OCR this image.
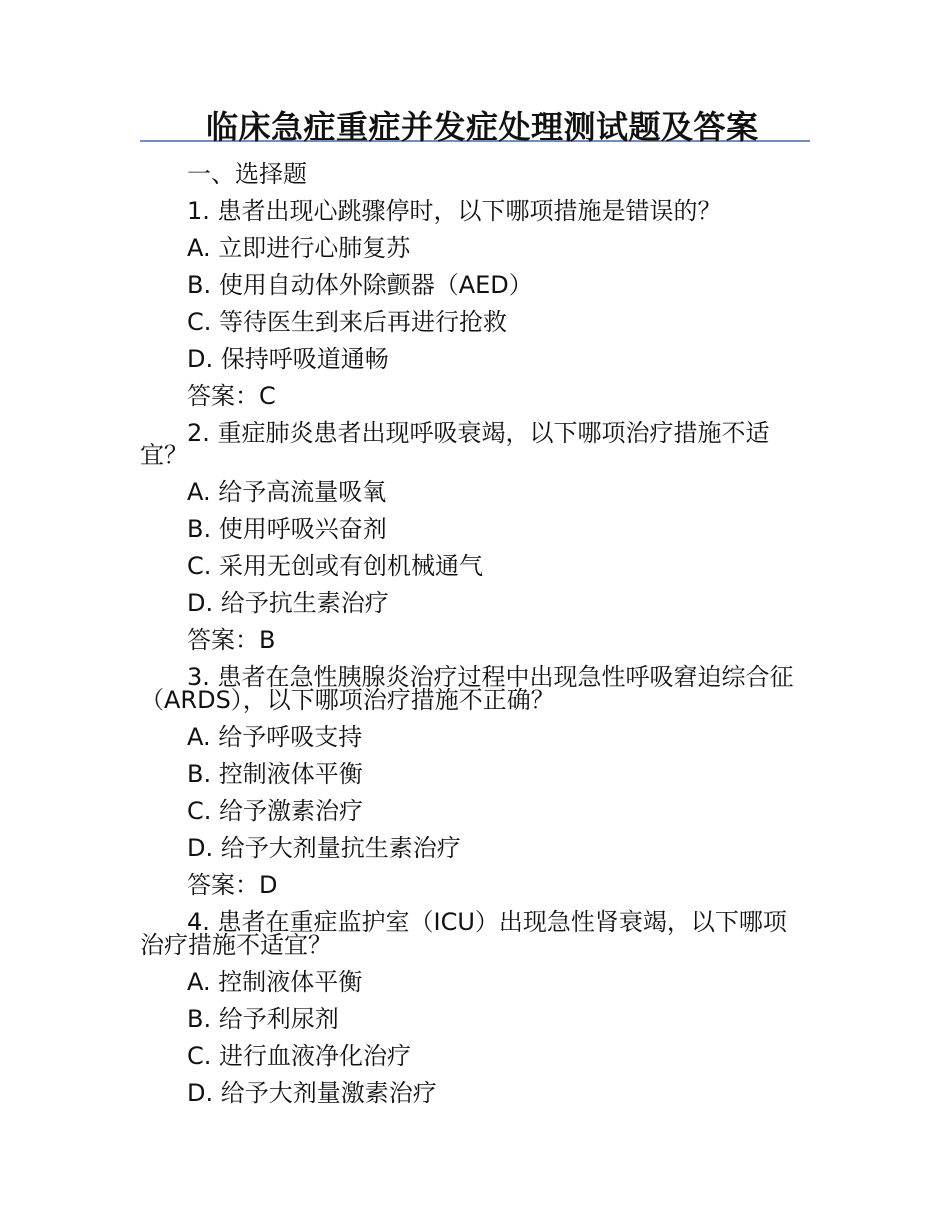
临床急症重症并发症处理测试题及答案
一、选择题
1. 患者出现心跳骤停时，以下哪项措施是错误的？
A. 立即进行心肺复苏
B. 使用自动体外除颤器（AED）
C. 等待医生到来后再进行抢救
D. 保持呼吸道通畅
答案：C
2. 重症肺炎患者出现呼吸衰竭，以下哪项治疗措施不适
宜？
A. 给予高流量吸氧
B. 使用呼吸兴奋剂
C. 采用无创或有创机械通气
D. 给予抗生素治疗
答案：B
3. 患者在急性胰腺炎治疗过程中出现急性呼吸窘迫综合征
（ARDS），以下哪项治疗措施不正确？
A. 给予呼吸支持
B. 控制液体平衡
C. 给予激素治疗
D. 给予大剂量抗生素治疗
答案：D
4. 患者在重症监护室（ICU）出现急性肾衰竭，以下哪项
治疗措施不适宜？
A. 控制液体平衡
B. 给予利尿剂
C. 进行血液净化治疗
D. 给予大剂量激素治疗
